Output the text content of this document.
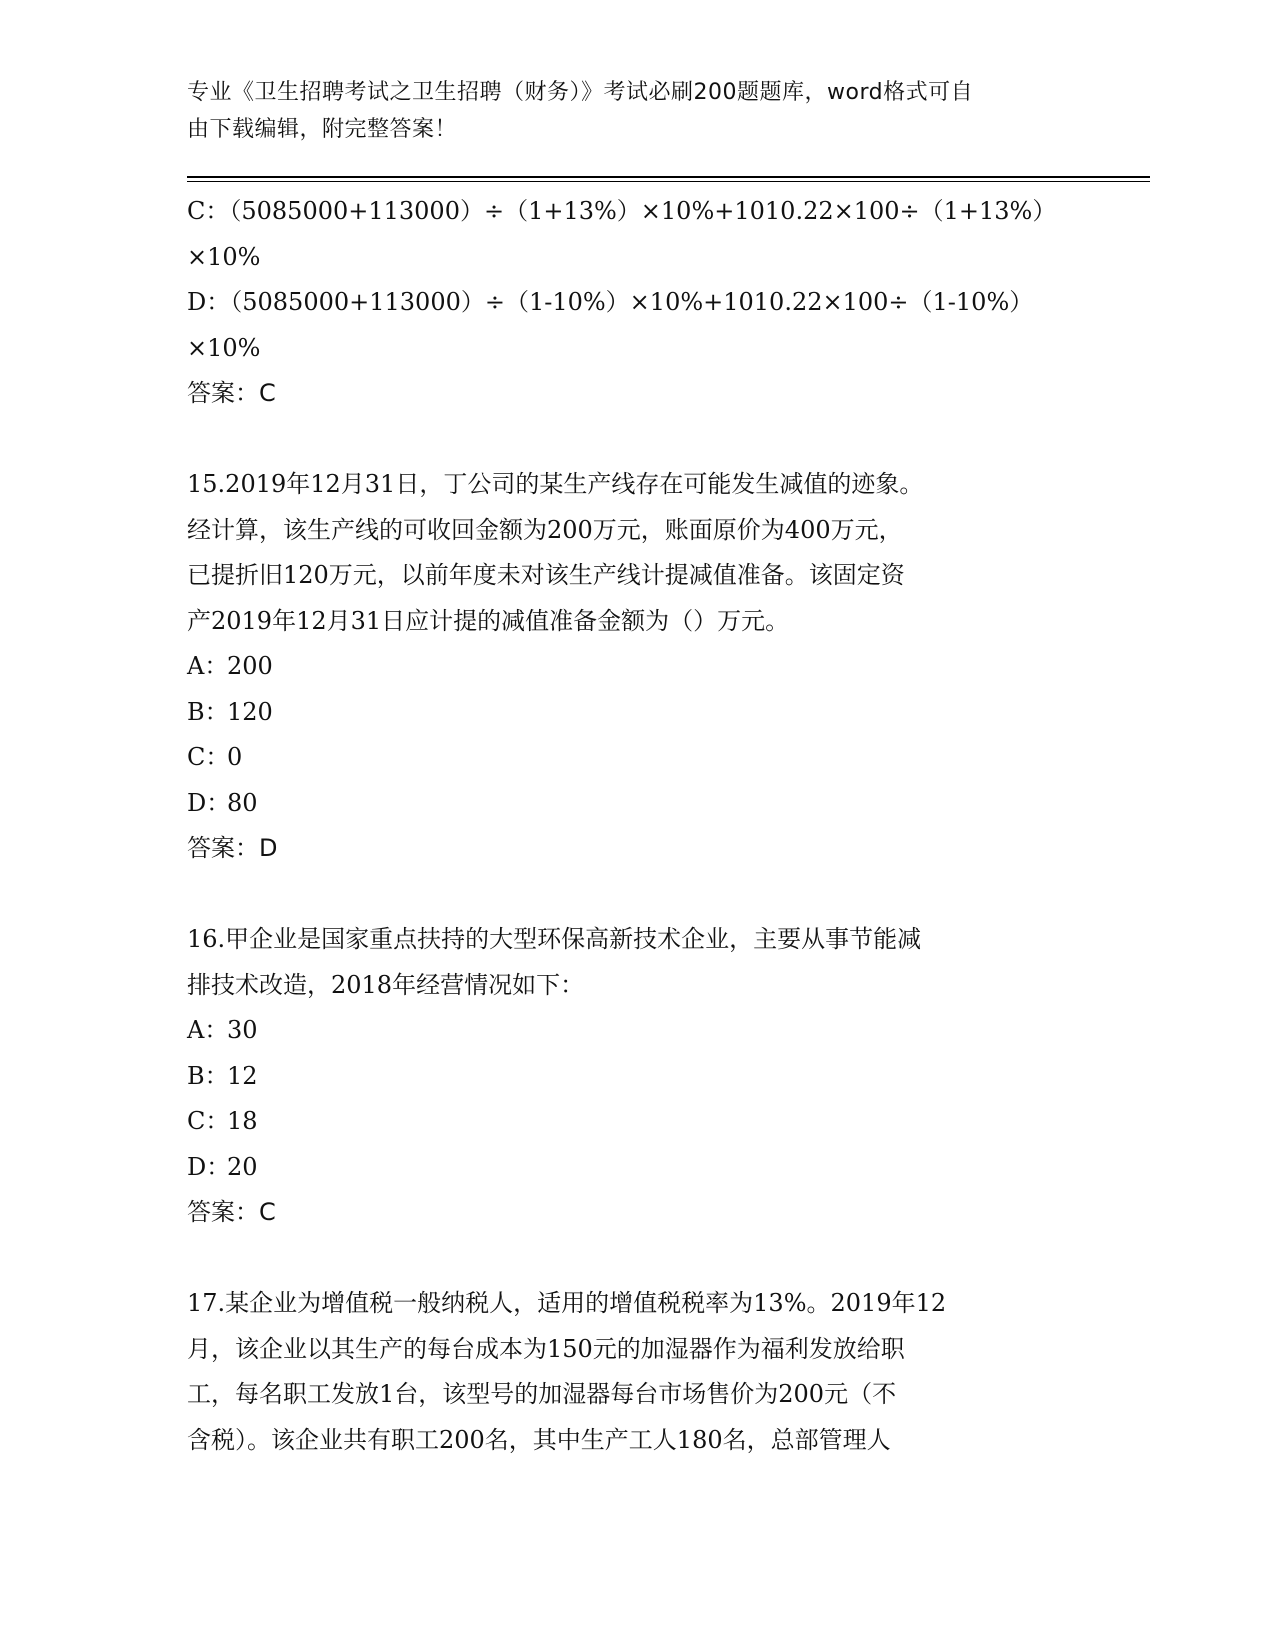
专业《卫生招聘考试之卫生招聘（财务）》考试必刷200题题库，word格式可自
由下载编辑，附完整答案！
C：（5085000+113000）÷（1+13%）×10%+1010.22×100÷（1+13%）
×10%
D：（5085000+113000）÷（1-10%）×10%+1010.22×100÷（1-10%）
×10%
答案：C
15.2019年12月31日，丁公司的某生产线存在可能发生减值的迹象。
经计算，该生产线的可收回金额为200万元，账面原价为400万元，
已提折旧120万元，以前年度未对该生产线计提减值准备。该固定资
产2019年12月31日应计提的减值准备金额为（）万元。
A：
200
B：
120
C：
0
D：
80
答案：D
16.甲企业是国家重点扶持的大型环保高新技术企业，主要从事节能减
排技术改造，2018年经营情况如下：
A：
30
B：
12
C：
18
D：
20
答案：C
17.某企业为增值税一般纳税人，适用的增值税税率为13%。2019年12
月，该企业以其生产的每台成本为150元的加湿器作为福利发放给职
工，每名职工发放1台，该型号的加湿器每台市场售价为200元（不
含税）。该企业共有职工200名，其中生产工人180名，总部管理人
